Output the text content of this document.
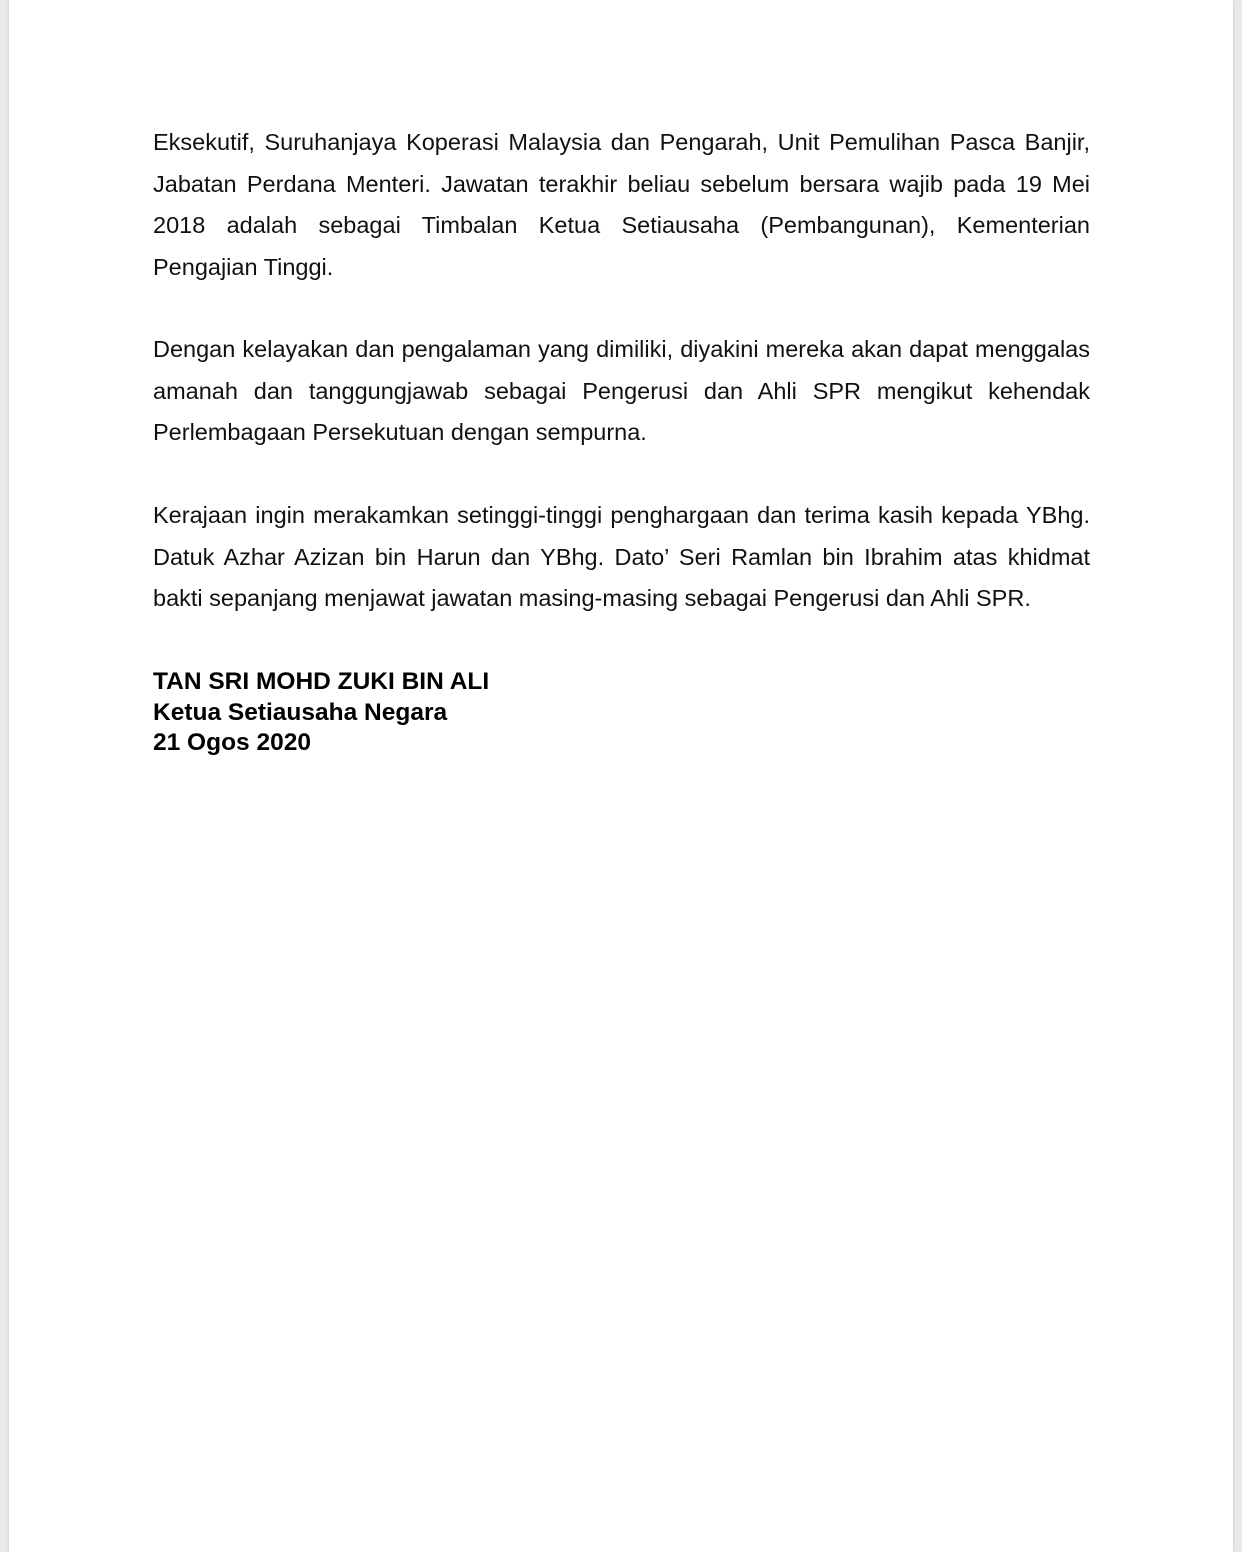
Eksekutif, Suruhanjaya Koperasi Malaysia dan Pengarah, Unit Pemulihan Pasca Banjir, Jabatan Perdana Menteri. Jawatan terakhir beliau sebelum bersara wajib pada 19 Mei 2018 adalah sebagai Timbalan Ketua Setiausaha (Pembangunan), Kementerian Pengajian Tinggi.

Dengan kelayakan dan pengalaman yang dimiliki, diyakini mereka akan dapat menggalas amanah dan tanggungjawab sebagai Pengerusi dan Ahli SPR mengikut kehendak Perlembagaan Persekutuan dengan sempurna.

Kerajaan ingin merakamkan setinggi-tinggi penghargaan dan terima kasih kepada YBhg. Datuk Azhar Azizan bin Harun dan YBhg. Dato’ Seri Ramlan bin Ibrahim atas khidmat bakti sepanjang menjawat jawatan masing-masing sebagai Pengerusi dan Ahli SPR.

TAN SRI MOHD ZUKI BIN ALI
Ketua Setiausaha Negara
21 Ogos 2020
